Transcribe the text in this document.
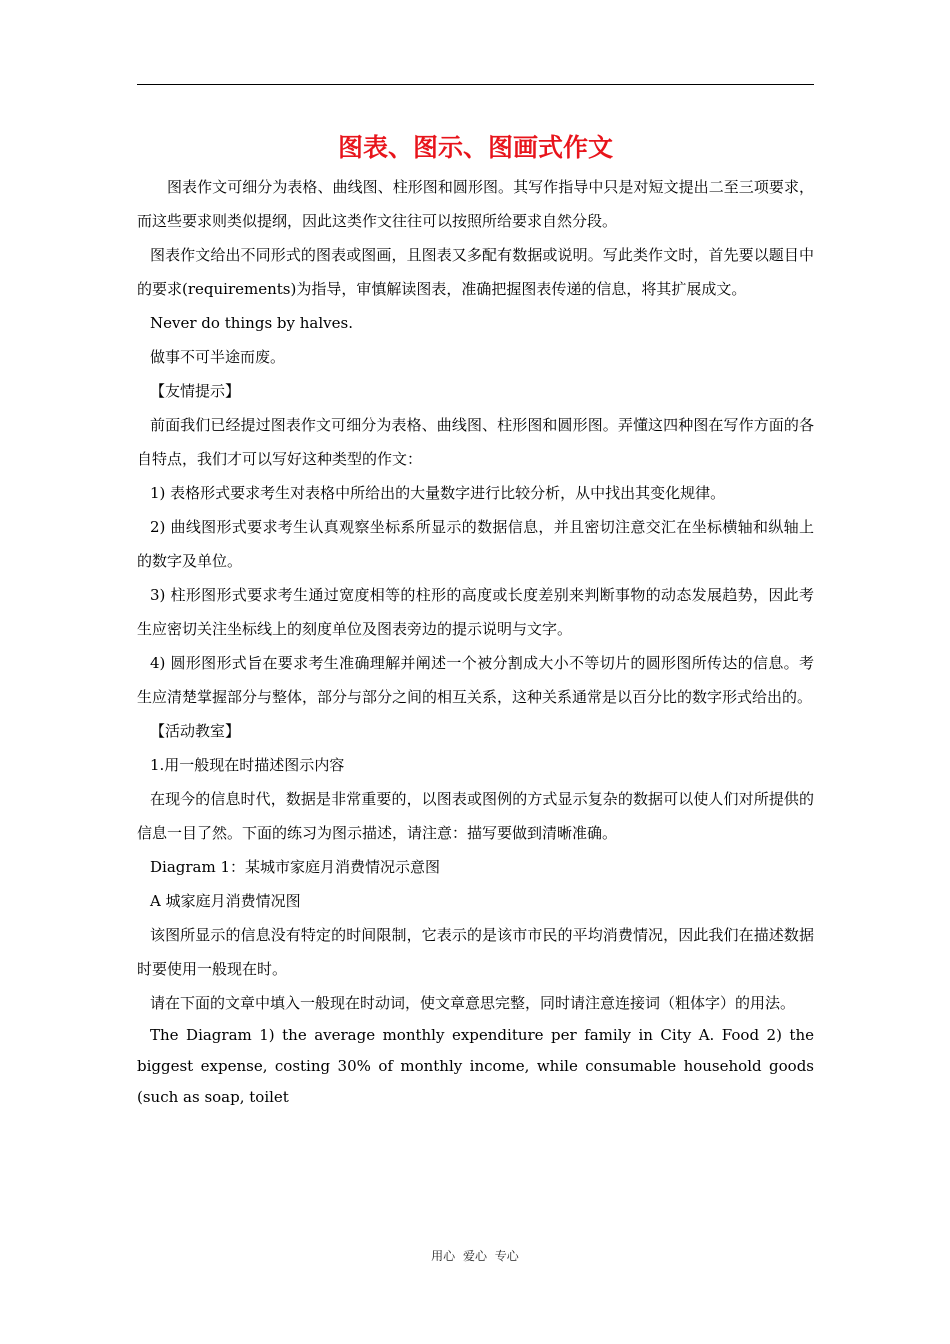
图表、图示、图画式作文

图表作文可细分为表格、曲线图、柱形图和圆形图。其写作指导中只是对短文提出二至三项要求，而这些要求则类似提纲，因此这类作文往往可以按照所给要求自然分段。

图表作文给出不同形式的图表或图画，且图表又多配有数据或说明。写此类作文时，首先要以题目中的要求(requirements)为指导，审慎解读图表，准确把握图表传递的信息，将其扩展成文。

Never do things by halves.

做事不可半途而废。

【友情提示】

前面我们已经提过图表作文可细分为表格、曲线图、柱形图和圆形图。弄懂这四种图在写作方面的各自特点，我们才可以写好这种类型的作文：

1) 表格形式要求考生对表格中所给出的大量数字进行比较分析，从中找出其变化规律。

2) 曲线图形式要求考生认真观察坐标系所显示的数据信息，并且密切注意交汇在坐标横轴和纵轴上的数字及单位。

3) 柱形图形式要求考生通过宽度相等的柱形的高度或长度差别来判断事物的动态发展趋势，因此考生应密切关注坐标线上的刻度单位及图表旁边的提示说明与文字。

4) 圆形图形式旨在要求考生准确理解并阐述一个被分割成大小不等切片的圆形图所传达的信息。考生应清楚掌握部分与整体，部分与部分之间的相互关系，这种关系通常是以百分比的数字形式给出的。

【活动教室】

1.用一般现在时描述图示内容

在现今的信息时代，数据是非常重要的，以图表或图例的方式显示复杂的数据可以使人们对所提供的信息一目了然。下面的练习为图示描述，请注意：描写要做到清晰准确。

Diagram 1：某城市家庭月消费情况示意图

A 城家庭月消费情况图

该图所显示的信息没有特定的时间限制，它表示的是该市市民的平均消费情况，因此我们在描述数据时要使用一般现在时。

请在下面的文章中填入一般现在时动词，使文章意思完整，同时请注意连接词（粗体字）的用法。

The Diagram 1) the average monthly expenditure per family in City A. Food 2) the biggest expense, costing 30% of monthly income, while consumable household goods (such as soap, toilet

用心 爱心 专心
